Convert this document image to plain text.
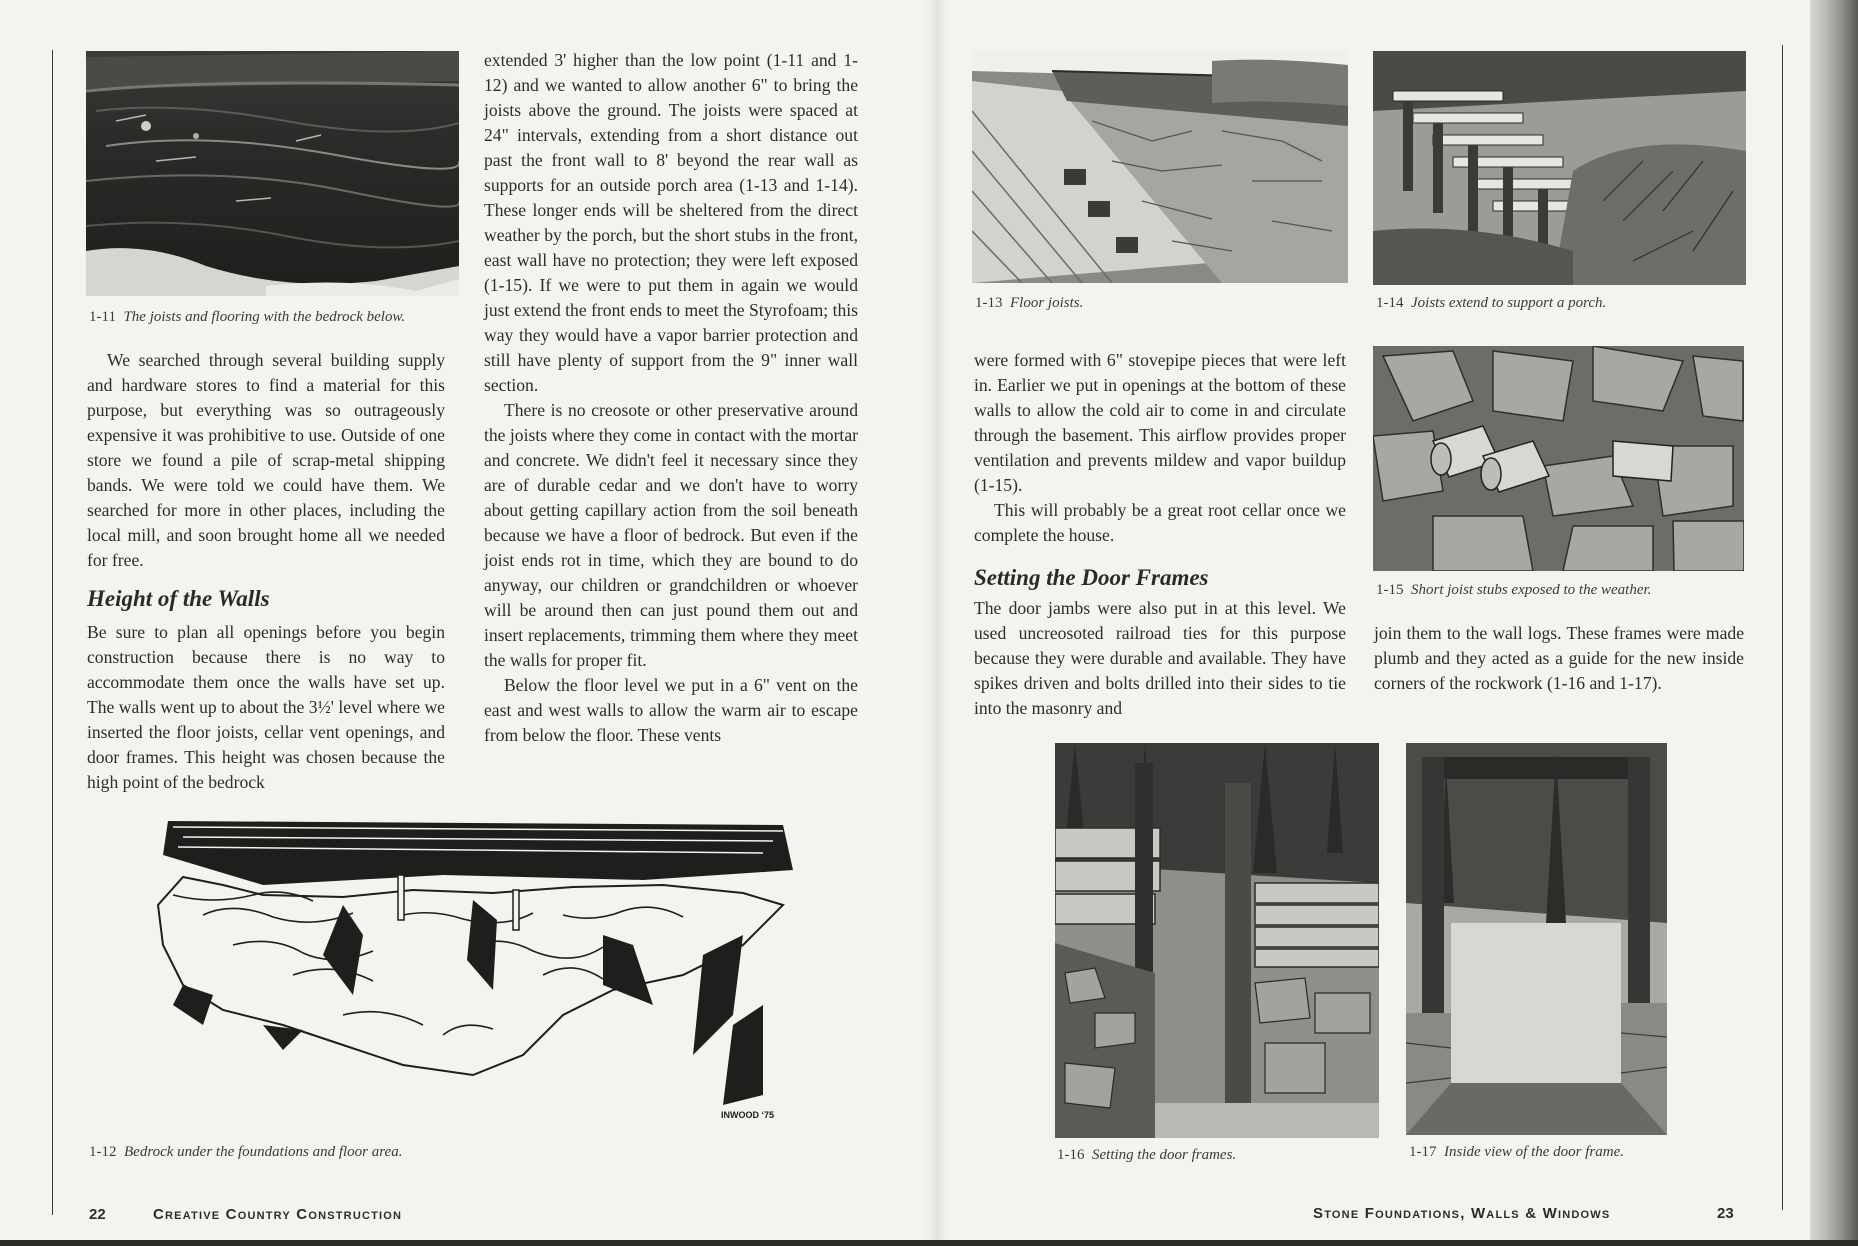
1-11 The joists and flooring with the bedrock below.

We searched through several building supply and hardware stores to find a material for this purpose, but everything was so outrageously expensive it was prohibitive to use. Outside of one store we found a pile of scrap-metal shipping bands. We were told we could have them. We searched for more in other places, including the local mill, and soon brought home all we needed for free.

Height of the Walls

Be sure to plan all openings before you begin construction because there is no way to accommodate them once the walls have set up. The walls went up to about the 3½' level where we inserted the floor joists, cellar vent openings, and door frames. This height was chosen because the high point of the bedrock

extended 3' higher than the low point (1-11 and 1-12) and we wanted to allow another 6" to bring the joists above the ground. The joists were spaced at 24" intervals, extending from a short distance out past the front wall to 8' beyond the rear wall as supports for an outside porch area (1-13 and 1-14). These longer ends will be sheltered from the direct weather by the porch, but the short stubs in the front, east wall have no protection; they were left exposed (1-15). If we were to put them in again we would just extend the front ends to meet the Styrofoam; this way they would have a vapor barrier protection and still have plenty of support from the 9" inner wall section.

There is no creosote or other preservative around the joists where they come in contact with the mortar and concrete. We didn't feel it necessary since they are of durable cedar and we don't have to worry about getting capillary action from the soil beneath because we have a floor of bedrock. But even if the joist ends rot in time, which they are bound to do anyway, our children or grandchildren or whoever will be around then can just pound them out and insert replacements, trimming them where they meet the walls for proper fit.

Below the floor level we put in a 6" vent on the east and west walls to allow the warm air to escape from below the floor. These vents

INWOOD ‘75
1-12 Bedrock under the foundations and floor area.
22	Creative Country Construction
1-13 Floor joists.	1-14 Joists extend to support a porch.

were formed with 6" stovepipe pieces that were left in. Earlier we put in openings at the bottom of these walls to allow the cold air to come in and circulate through the basement. This airflow provides proper ventilation and prevents mildew and vapor buildup (1-15).

This will probably be a great root cellar once we complete the house.

Setting the Door Frames

The door jambs were also put in at this level. We used uncreosoted railroad ties for this purpose because they were durable and available. They have spikes driven and bolts drilled into their sides to tie into the masonry and

1-15 Short joist stubs exposed to the weather.

join them to the wall logs. These frames were made plumb and they acted as a guide for the new inside corners of the rockwork (1-16 and 1-17).

1-16 Setting the door frames.	1-17 Inside view of the door frame.
Stone Foundations, Walls & Windows	23
